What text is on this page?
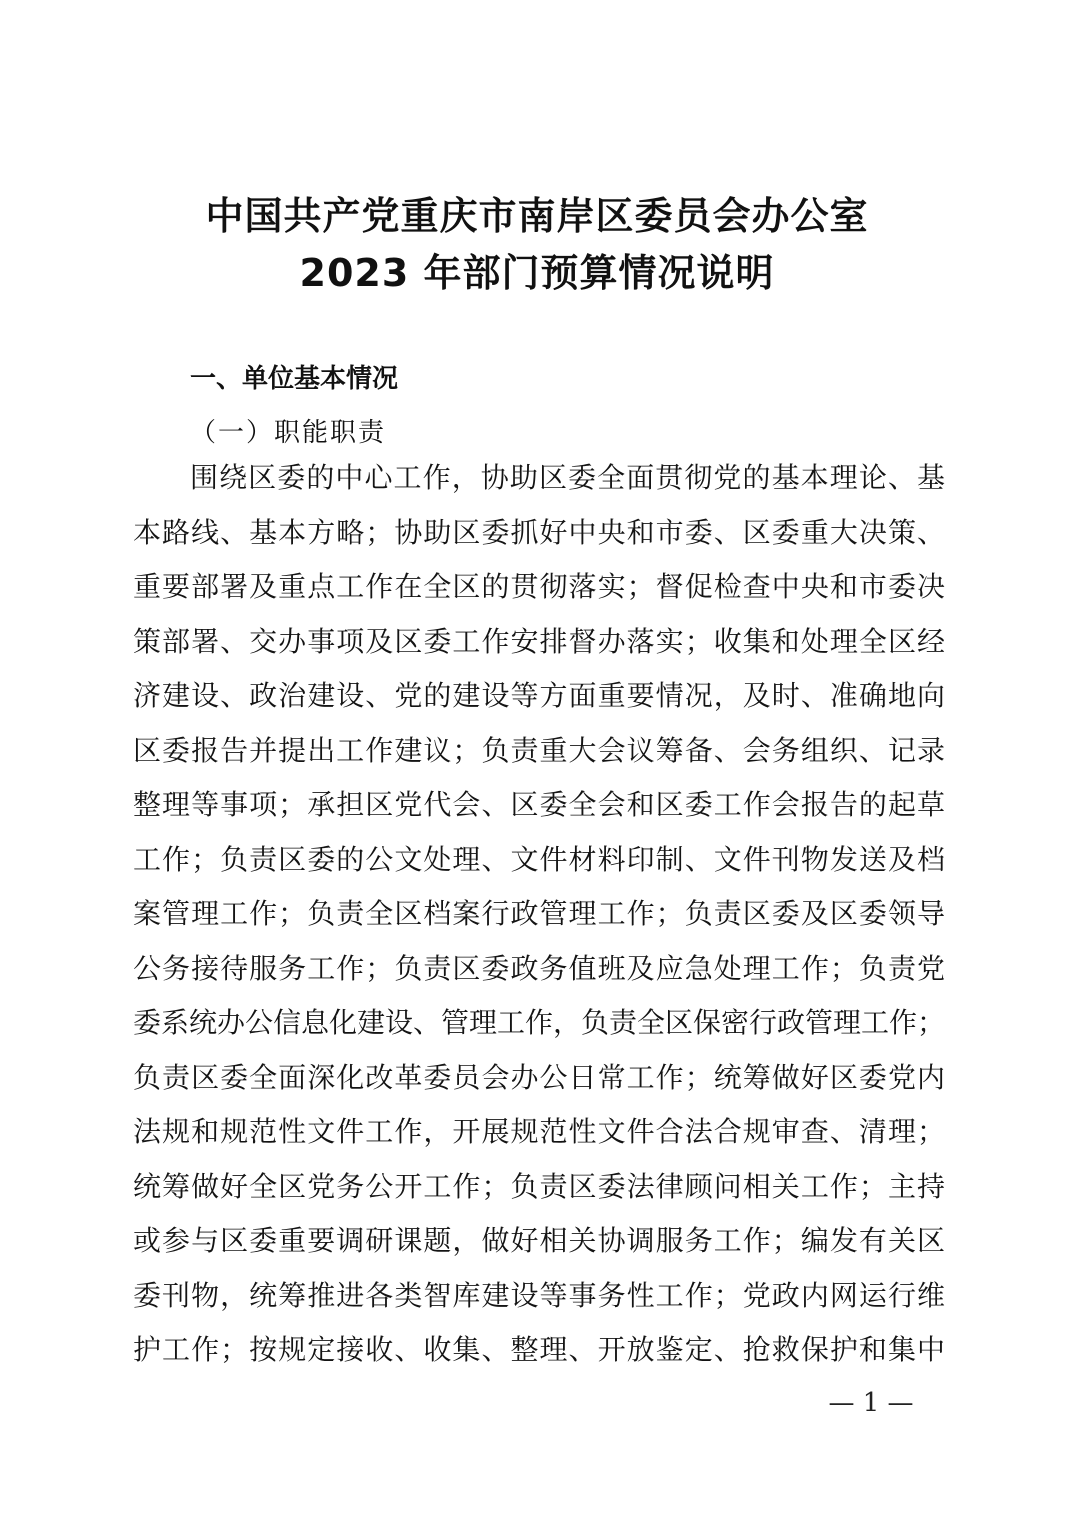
中国共产党重庆市南岸区委员会办公室
2023 年部门预算情况说明
一、单位基本情况
（一）职能职责
围绕区委的中心工作，协助区委全面贯彻党的基本理论、基
本路线、基本方略；协助区委抓好中央和市委、区委重大决策、
重要部署及重点工作在全区的贯彻落实；督促检查中央和市委决
策部署、交办事项及区委工作安排督办落实；收集和处理全区经
济建设、政治建设、党的建设等方面重要情况，及时、准确地向
区委报告并提出工作建议；负责重大会议筹备、会务组织、记录
整理等事项；承担区党代会、区委全会和区委工作会报告的起草
工作；负责区委的公文处理、文件材料印制、文件刊物发送及档
案管理工作；负责全区档案行政管理工作；负责区委及区委领导
公务接待服务工作；负责区委政务值班及应急处理工作；负责党
委系统办公信息化建设、管理工作，负责全区保密行政管理工作；
负责区委全面深化改革委员会办公日常工作；统筹做好区委党内
法规和规范性文件工作，开展规范性文件合法合规审查、清理；
统筹做好全区党务公开工作；负责区委法律顾问相关工作；主持
或参与区委重要调研课题，做好相关协调服务工作；编发有关区
委刊物，统筹推进各类智库建设等事务性工作；党政内网运行维
护工作；按规定接收、收集、整理、开放鉴定、抢救保护和集中
— 1 —
